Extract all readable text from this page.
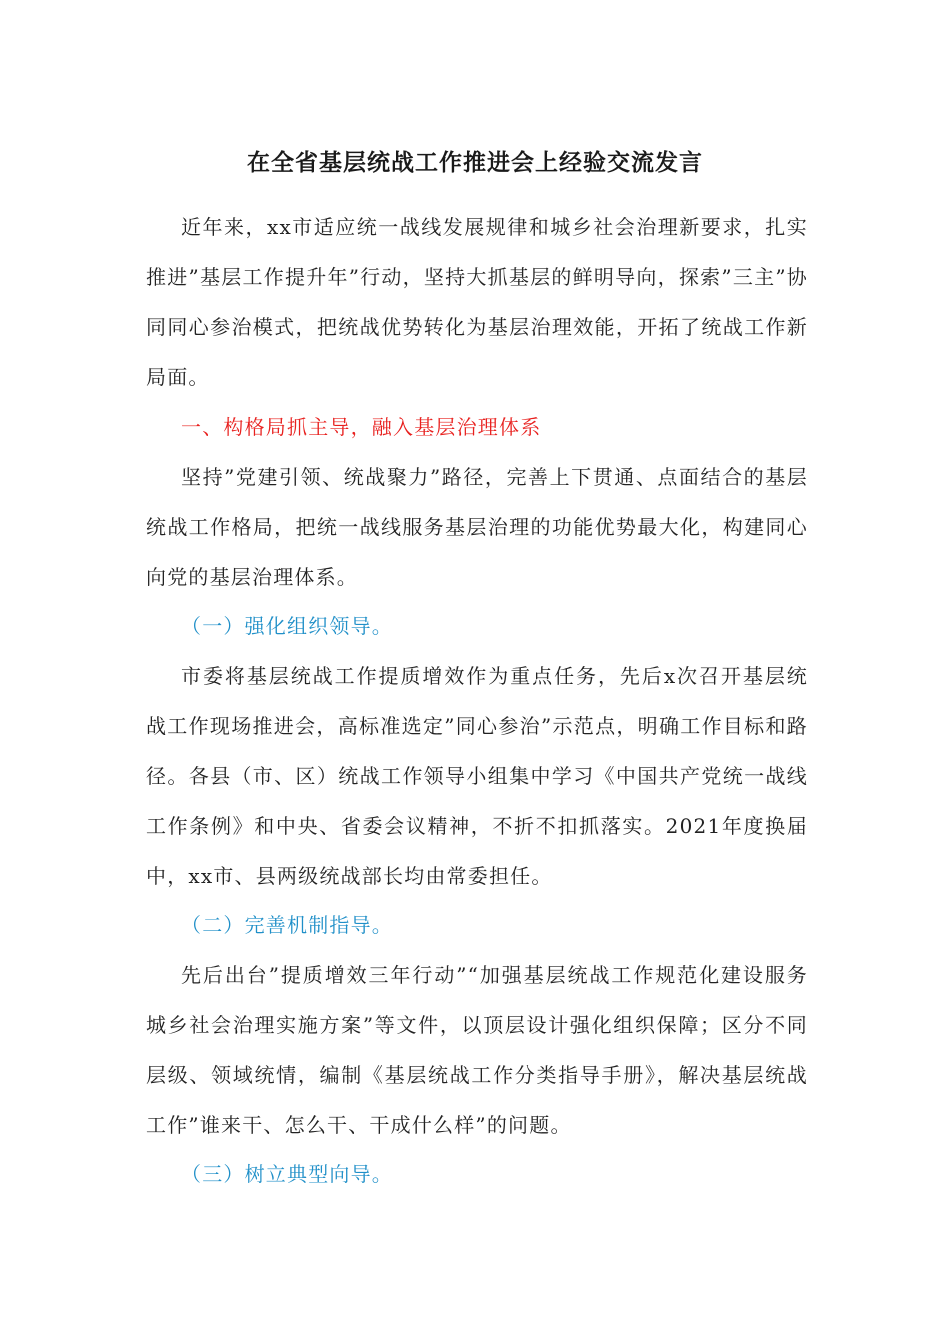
在全省基层统战工作推进会上经验交流发言

近年来，xx市适应统一战线发展规律和城乡社会治理新要求，扎实推进”基层工作提升年”行动，坚持大抓基层的鲜明导向，探索”三主”协同同心参治模式，把统战优势转化为基层治理效能，开拓了统战工作新局面。

一、构格局抓主导，融入基层治理体系

坚持”党建引领、统战聚力”路径，完善上下贯通、点面结合的基层统战工作格局，把统一战线服务基层治理的功能优势最大化，构建同心向党的基层治理体系。

（一）强化组织领导。

市委将基层统战工作提质增效作为重点任务，先后x次召开基层统战工作现场推进会，高标准选定”同心参治”示范点，明确工作目标和路径。各县（市、区）统战工作领导小组集中学习《中国共产党统一战线工作条例》和中央、省委会议精神，不折不扣抓落实。2021年度换届中，xx市、县两级统战部长均由常委担任。

（二）完善机制指导。

先后出台”提质增效三年行动”“加强基层统战工作规范化建设服务城乡社会治理实施方案”等文件，以顶层设计强化组织保障；区分不同层级、领域统情，编制《基层统战工作分类指导手册》，解决基层统战工作”谁来干、怎么干、干成什么样”的问题。

（三）树立典型向导。
